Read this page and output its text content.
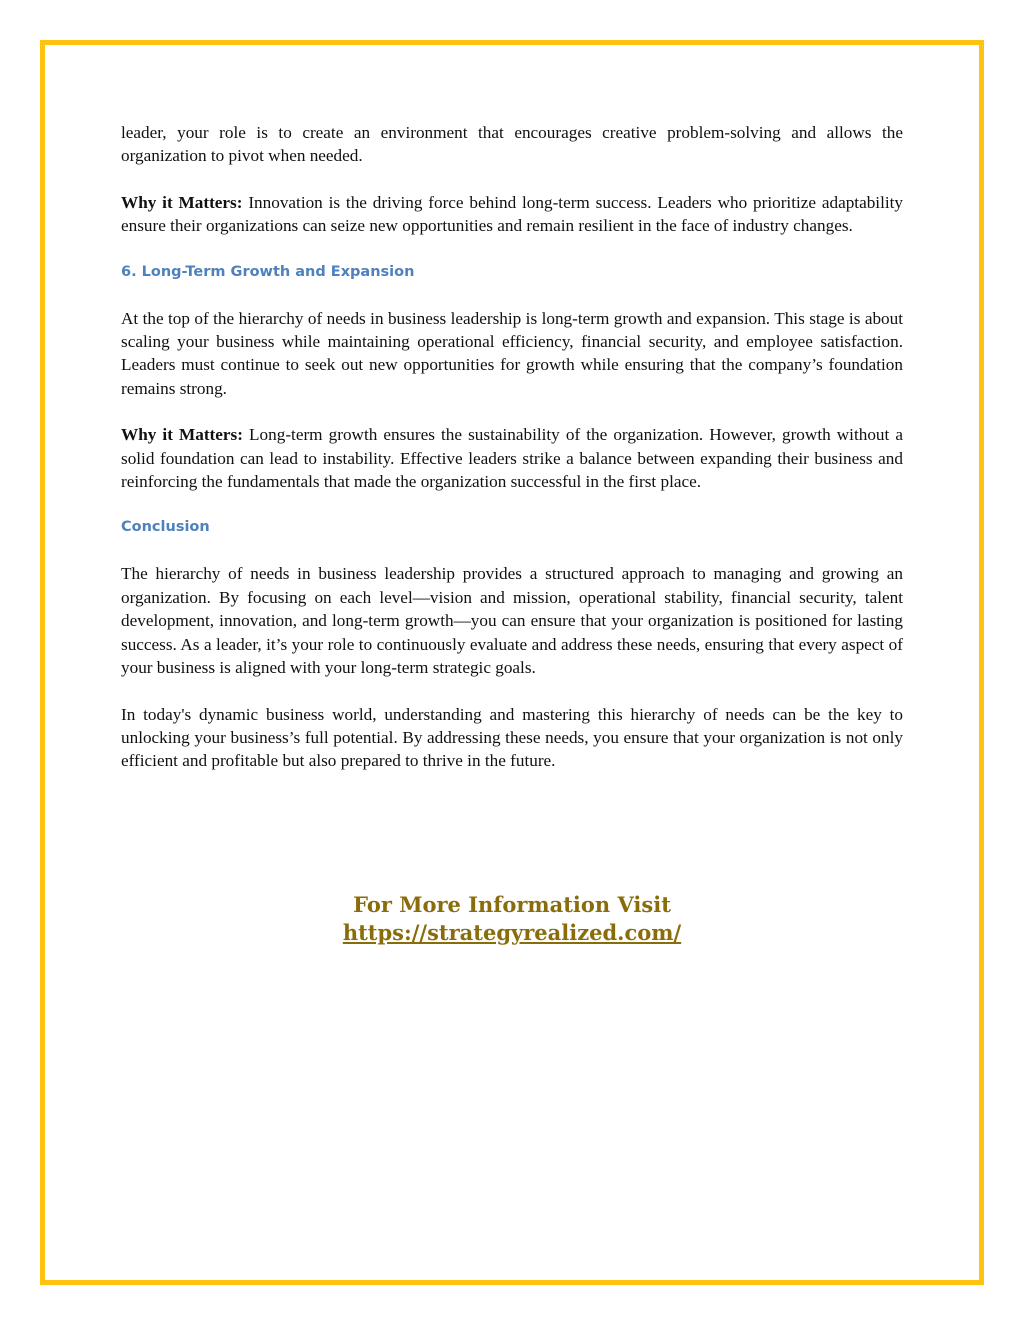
leader, your role is to create an environment that encourages creative problem-solving and allows the organization to pivot when needed.

Why it Matters: Innovation is the driving force behind long-term success. Leaders who prioritize adaptability ensure their organizations can seize new opportunities and remain resilient in the face of industry changes.

6. Long-Term Growth and Expansion

At the top of the hierarchy of needs in business leadership is long-term growth and expansion. This stage is about scaling your business while maintaining operational efficiency, financial security, and employee satisfaction. Leaders must continue to seek out new opportunities for growth while ensuring that the company’s foundation remains strong.

Why it Matters: Long-term growth ensures the sustainability of the organization. However, growth without a solid foundation can lead to instability. Effective leaders strike a balance between expanding their business and reinforcing the fundamentals that made the organization successful in the first place.

Conclusion

The hierarchy of needs in business leadership provides a structured approach to managing and growing an organization. By focusing on each level—vision and mission, operational stability, financial security, talent development, innovation, and long-term growth—you can ensure that your organization is positioned for lasting success. As a leader, it’s your role to continuously evaluate and address these needs, ensuring that every aspect of your business is aligned with your long-term strategic goals.

In today's dynamic business world, understanding and mastering this hierarchy of needs can be the key to unlocking your business’s full potential. By addressing these needs, you ensure that your organization is not only efficient and profitable but also prepared to thrive in the future.

For More Information Visit
https://strategyrealized.com/
